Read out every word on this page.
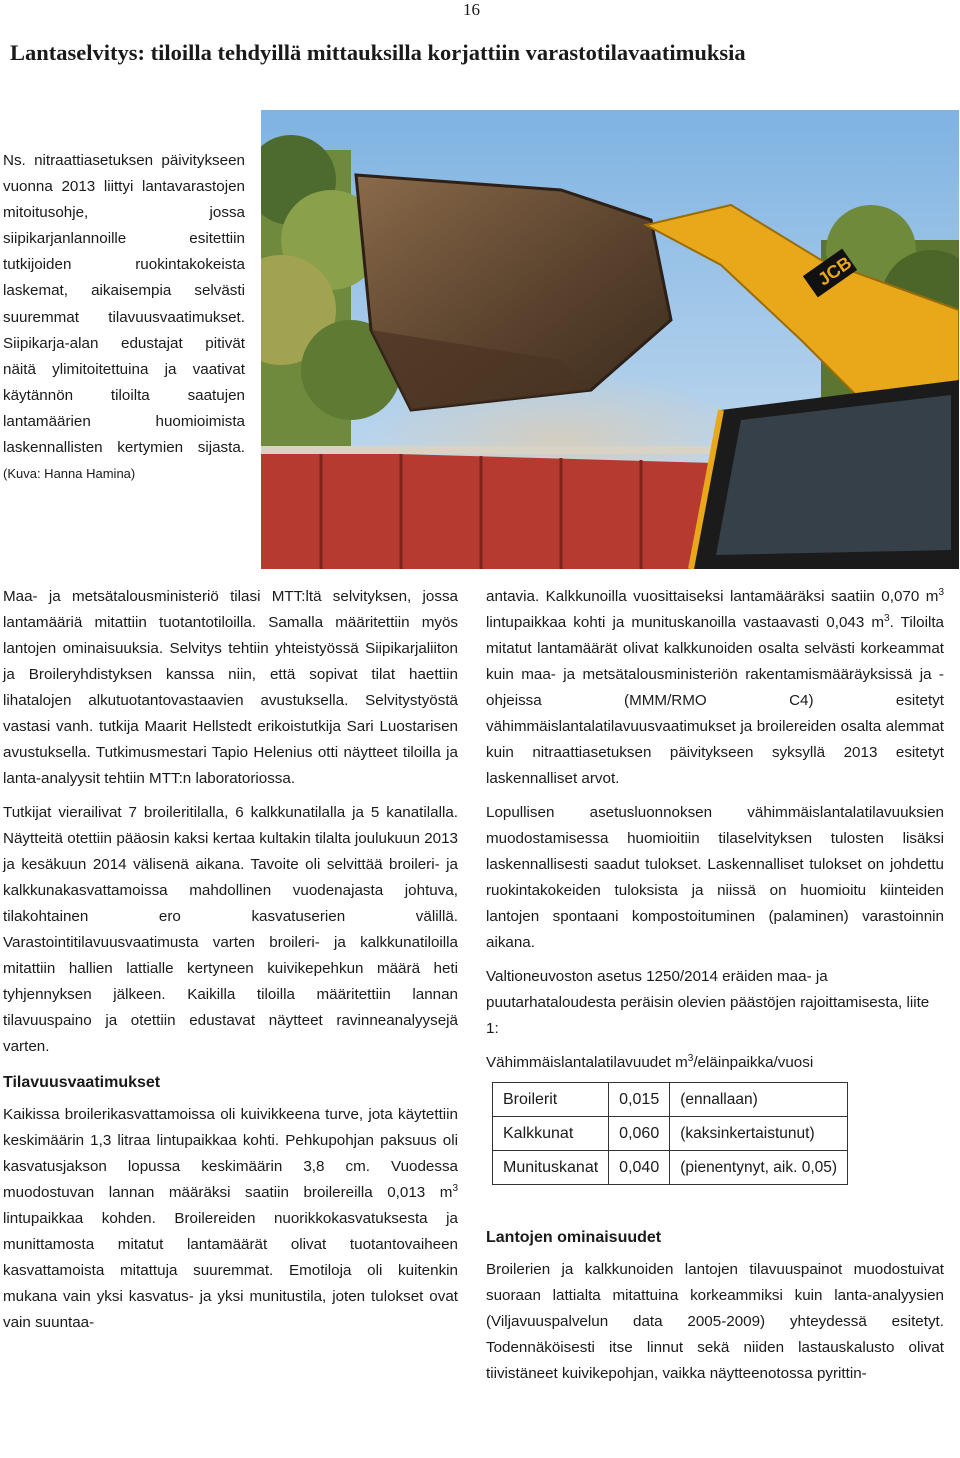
16
Lantaselvitys: tiloilla tehdyillä mittauksilla korjattiin varastotilavaatimuksia

Ns. nitraattiasetuksen päivitykseen vuonna 2013 liittyi lantavarastojen mitoitusohje, jossa siipikarjanlannoille esitettiin tutkijoiden ruokintakokeista laskemat, aikaisempia selvästi suuremmat tilavuusvaatimukset. Siipikarja-alan edustajat pitivät näitä ylimitoitettuina ja vaativat käytännön tiloilta saatujen lantamäärien huomioimista laskennallisten kertymien sijasta. (Kuva: Hanna Hamina)

JCB

Maa- ja metsätalousministeriö tilasi MTT:ltä selvityksen, jossa lantamääriä mitattiin tuotantotiloilla. Samalla määritettiin myös lantojen ominaisuuksia. Selvitys tehtiin yhteistyössä Siipikarjaliiton ja Broileryhdistyksen kanssa niin, että sopivat tilat haettiin lihatalojen alkutuotantovastaavien avustuksella. Selvitystyöstä vastasi vanh. tutkija Maarit Hellstedt erikoistutkija Sari Luostarisen avustuksella. Tutkimusmestari Tapio Helenius otti näytteet tiloilla ja lanta-analyysit tehtiin MTT:n laboratoriossa.

Tutkijat vierailivat 7 broileritilalla, 6 kalkkunatilalla ja 5 kanatilalla. Näytteitä otettiin pääosin kaksi kertaa kultakin tilalta joulukuun 2013 ja kesäkuun 2014 välisenä aikana. Tavoite oli selvittää broileri- ja kalkkunakasvattamoissa mahdollinen vuodenajasta johtuva, tilakohtainen ero kasvatuserien välillä. Varastointitilavuusvaatimusta varten broileri- ja kalkkunatiloilla mitattiin hallien lattialle kertyneen kuivikepehkun määrä heti tyhjennyksen jälkeen. Kaikilla tiloilla määritettiin lannan tilavuuspaino ja otettiin edustavat näytteet ravinneanalyysejä varten.

Tilavuusvaatimukset

Kaikissa broilerikasvattamoissa oli kuivikkeena turve, jota käytettiin keskimäärin 1,3 litraa lintupaikkaa kohti. Pehkupohjan paksuus oli kasvatusjakson lopussa keskimäärin 3,8 cm. Vuodessa muodostuvan lannan määräksi saatiin broilereilla 0,013 $m^3$ lintupaikkaa kohden. Broilereiden nuorikkokasvatuksesta ja munittamosta mitatut lantamäärät olivat tuotantovaiheen kasvattamoista mitattuja suuremmat. Emotiloja oli kuitenkin mukana vain yksi kasvatus- ja yksi munitustila, joten tulokset ovat vain suuntaa-

antavia. Kalkkunoilla vuosittaiseksi lantamääräksi saatiin 0,070 $m^3$ lintupaikkaa kohti ja munituskanoilla vastaavasti 0,043 $m^3$. Tiloilta mitatut lantamäärät olivat kalkkunoiden osalta selvästi korkeammat kuin maa- ja metsätalousministeriön rakentamismääräyksissä ja -ohjeissa (MMM/RMO C4) esitetyt vähimmäislantalatilavuusvaatimukset ja broilereiden osalta alemmat kuin nitraattiasetuksen päivitykseen syksyllä 2013 esitetyt laskennalliset arvot.

Lopullisen asetusluonnoksen vähimmäislantalatilavuuksien muodostamisessa huomioitiin tilaselvityksen tulosten lisäksi laskennallisesti saadut tulokset. Laskennalliset tulokset on johdettu ruokintakokeiden tuloksista ja niissä on huomioitu kiinteiden lantojen spontaani kompostoituminen (palaminen) varastoinnin aikana.

Valtioneuvoston asetus 1250/2014 eräiden maa- ja puutarhataloudesta peräisin olevien päästöjen rajoittamisesta, liite 1:

Vähimmäislantalatilavuudet $m^3/eläinpaikka$/vuosi

Broilerit	0,015	(ennallaan)
Kalkkunat	0,060	(kaksinkertaistunut)
Munituskanat	0,040	(pienentynyt, aik. 0,05)
Lantojen ominaisuudet

Broilerien ja kalkkunoiden lantojen tilavuuspainot muodostuivat suoraan lattialta mitattuina korkeammiksi kuin lanta-analyysien (Viljavuuspalvelun data 2005-2009) yhteydessä esitetyt. Todennäköisesti itse linnut sekä niiden lastauskalusto olivat tiivistäneet kuivikepohjan, vaikka näytteenotossa pyrittin-
